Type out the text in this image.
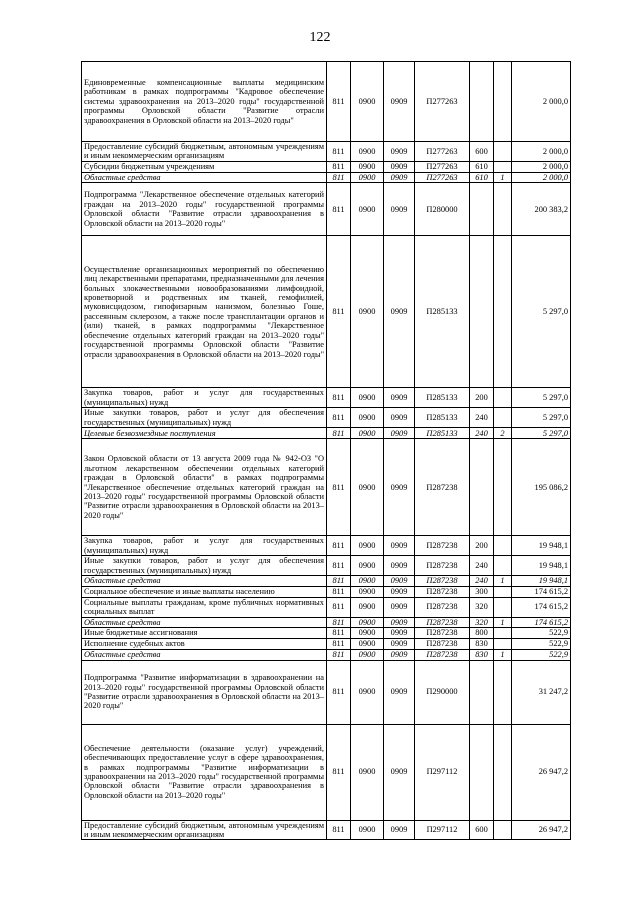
122
Единовременные компенсационные выплаты медицинским работникам в рамках подпрограммы "Кадровое обеспечение системы здравоохранения на 2013–2020 годы" государственной программы Орловской области "Развитие отрасли здравоохранения в Орловской области на 2013–2020 годы"	811	0900	0909	П277263			2 000,0
Предоставление субсидий бюджетным, автономным учреждениям и иным некоммерческим организациям	811	0900	0909	П277263	600		2 000,0
Субсидии бюджетным учреждениям	811	0900	0909	П277263	610		2 000,0
Областные средства	811	0900	0909	П277263	610	1	2 000,0
Подпрограмма "Лекарственное обеспечение отдельных категорий граждан на 2013–2020 годы" государственной программы Орловской области "Развитие отрасли здравоохранения в Орловской области на 2013–2020 годы"	811	0900	0909	П280000			200 383,2
Осуществление организационных мероприятий по обеспечению лиц лекарственными препаратами, предназначенными для лечения больных злокачественными новообразованиями лимфоидной, кроветворной и родственных им тканей, гемофилией, муковисцидозом, гипофизарным нанизмом, болезнью Гоше, рассеянным склерозом, а также после трансплантации органов и (или) тканей, в рамках подпрограммы "Лекарственное обеспечение отдельных категорий граждан на 2013–2020 годы" государственной программы Орловской области "Развитие отрасли здравоохранения в Орловской области на 2013–2020 годы"	811	0900	0909	П285133			5 297,0
Закупка товаров, работ и услуг для государственных (муниципальных) нужд	811	0900	0909	П285133	200		5 297,0
Иные закупки товаров, работ и услуг для обеспечения государственных (муниципальных) нужд	811	0900	0909	П285133	240		5 297,0
Целевые безвозмездные поступления	811	0900	0909	П285133	240	2	5 297,0
Закон Орловской области от 13 августа 2009 года № 942-ОЗ "О льготном лекарственном обеспечении отдельных категорий граждан в Орловской области" в рамках подпрограммы "Лекарственное обеспечение отдельных категорий граждан на 2013–2020 годы" государственной программы Орловской области "Развитие отрасли здравоохранения в Орловской области на 2013–2020 годы"	811	0900	0909	П287238			195 086,2
Закупка товаров, работ и услуг для государственных (муниципальных) нужд	811	0900	0909	П287238	200		19 948,1
Иные закупки товаров, работ и услуг для обеспечения государственных (муниципальных) нужд	811	0900	0909	П287238	240		19 948,1
Областные средства	811	0900	0909	П287238	240	1	19 948,1
Социальное обеспечение и иные выплаты населению	811	0900	0909	П287238	300		174 615,2
Социальные выплаты гражданам, кроме публичных нормативных социальных выплат	811	0900	0909	П287238	320		174 615,2
Областные средства	811	0900	0909	П287238	320	1	174 615,2
Иные бюджетные ассигнования	811	0900	0909	П287238	800		522,9
Исполнение судебных актов	811	0900	0909	П287238	830		522,9
Областные средства	811	0900	0909	П287238	830	1	522,9
Подпрограмма "Развитие информатизации в здравоохранении на 2013–2020 годы" государственной программы Орловской области "Развитие отрасли здравоохранения в Орловской области на 2013–2020 годы"	811	0900	0909	П290000			31 247,2
Обеспечение деятельности (оказание услуг) учреждений, обеспечивающих предоставление услуг в сфере здравоохранения, в рамках подпрограммы "Развитие информатизации в здравоохранении на 2013–2020 годы" государственной программы Орловской области "Развитие отрасли здравоохранения в Орловской области на 2013–2020 годы"	811	0900	0909	П297112			26 947,2
Предоставление субсидий бюджетным, автономным учреждениям и иным некоммерческим организациям	811	0900	0909	П297112	600		26 947,2
